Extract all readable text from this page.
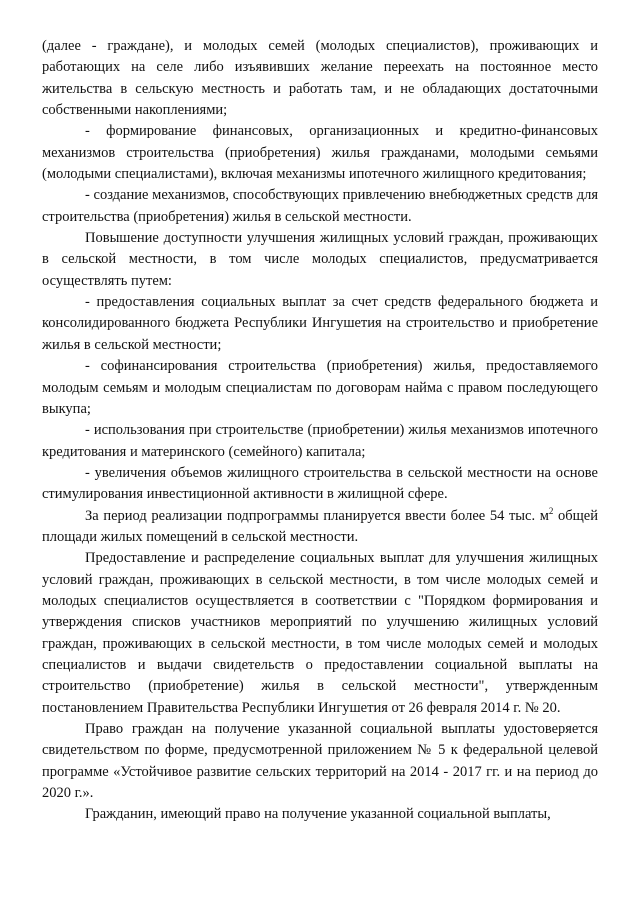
(далее - граждане), и молодых семей (молодых специалистов), проживающих и работающих на селе либо изъявивших желание переехать на постоянное место жительства в сельскую местность и работать там, и не обладающих достаточными собственными накоплениями;

- формирование финансовых, организационных и кредитно-финансовых механизмов строительства (приобретения) жилья гражданами, молодыми семьями (молодыми специалистами), включая механизмы ипотечного жилищного кредитования;

- создание механизмов, способствующих привлечению внебюджетных средств для строительства (приобретения) жилья в сельской местности.

Повышение доступности улучшения жилищных условий граждан, проживающих в сельской местности, в том числе молодых специалистов, предусматривается осуществлять путем:

- предоставления социальных выплат за счет средств федерального бюджета и консолидированного бюджета Республики Ингушетия на строительство и приобретение жилья в сельской местности;

- софинансирования строительства (приобретения) жилья, предоставляемого молодым семьям и молодым специалистам по договорам найма с правом последующего выкупа;

- использования при строительстве (приобретении) жилья механизмов ипотечного кредитования и материнского (семейного) капитала;

- увеличения объемов жилищного строительства в сельской местности на основе стимулирования инвестиционной активности в жилищной сфере.

За период реализации подпрограммы планируется ввести более 54 тыс. $м^2$ общей площади жилых помещений в сельской местности.

Предоставление и распределение социальных выплат для улучшения жилищных условий граждан, проживающих в сельской местности, в том числе молодых семей и молодых специалистов осуществляется в соответствии с "Порядком формирования и утверждения списков участников мероприятий по улучшению жилищных условий граждан, проживающих в сельской местности, в том числе молодых семей и молодых специалистов и выдачи свидетельств о предоставлении социальной выплаты на строительство (приобретение) жилья в сельской местности", утвержденным постановлением Правительства Республики Ингушетия от 26 февраля 2014 г. № 20.

Право граждан на получение указанной социальной выплаты удостоверяется свидетельством по форме, предусмотренной приложением № 5 к федеральной целевой программе «Устойчивое развитие сельских территорий на 2014 - 2017 гг. и на период до 2020 г.».

Гражданин, имеющий право на получение указанной социальной выплаты,
